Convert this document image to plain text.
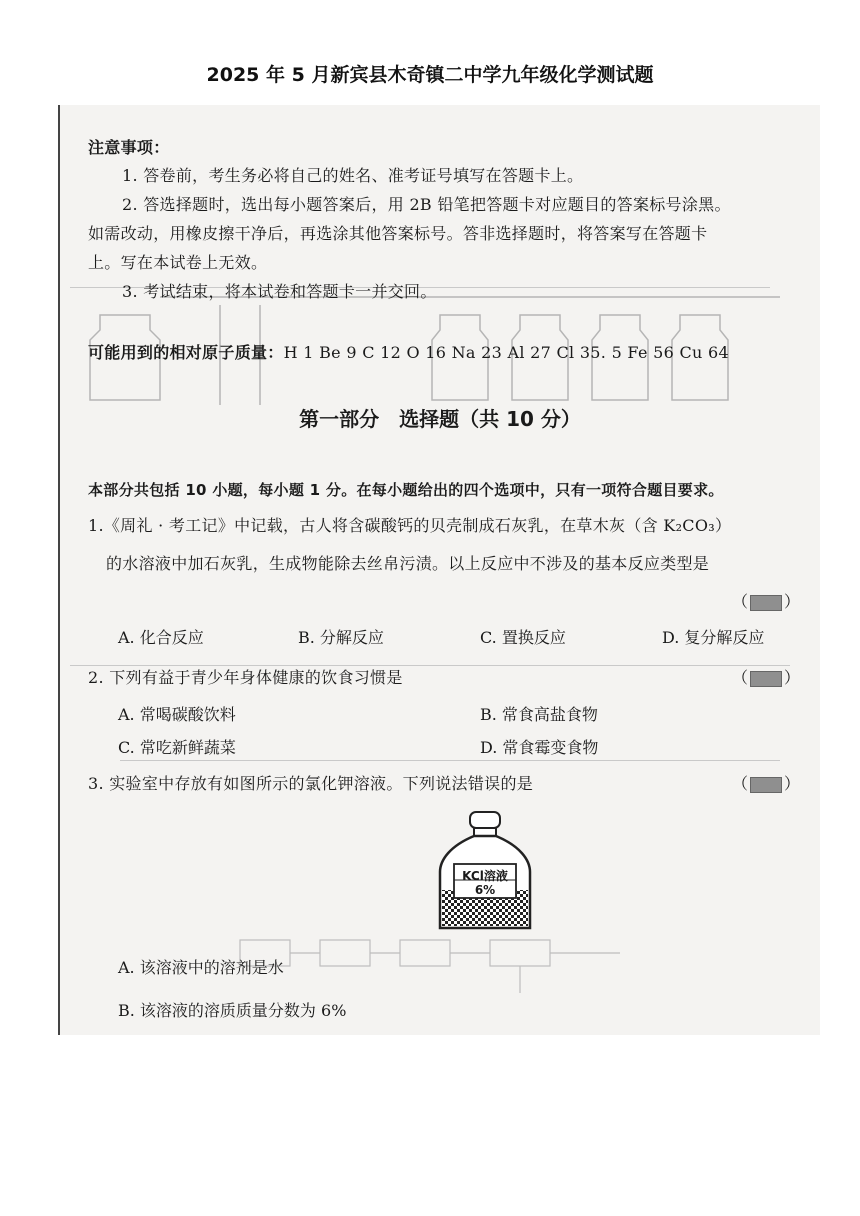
2025 年 5 月新宾县木奇镇二中学九年级化学测试题
注意事项：
1. 答卷前，考生务必将自己的姓名、准考证号填写在答题卡上。
2. 答选择题时，选出每小题答案后，用 2B 铅笔把答题卡对应题目的答案标号涂黑。
如需改动，用橡皮擦干净后，再选涂其他答案标号。答非选择题时，将答案写在答题卡
上。写在本试卷上无效。
3. 考试结束，将本试卷和答题卡一并交回。
可能用到的相对原子质量：H 1 Be 9 C 12 O 16 Na 23 Al 27 Cl 35. 5 Fe 56 Cu 64
第一部分　选择题（共 10 分）
本部分共包括 10 小题，每小题 1 分。在每小题给出的四个选项中，只有一项符合题目要求。
1.《周礼 · 考工记》中记载，古人将含碳酸钙的贝壳制成石灰乳，在草木灰（含 K₂CO₃）
的水溶液中加石灰乳，生成物能除去丝帛污渍。以上反应中不涉及的基本反应类型是
（ ）
A. 化合反应	B. 分解反应	C. 置换反应	D. 复分解反应
2. 下列有益于青少年身体健康的饮食习惯是	（ ）
A. 常喝碳酸饮料	B. 常食高盐食物
C. 常吃新鲜蔬菜	D. 常食霉变食物
3. 实验室中存放有如图所示的氯化钾溶液。下列说法错误的是	（ ）
KCl溶液
6%
A. 该溶液中的溶剂是水
B. 该溶液的溶质质量分数为 6%
